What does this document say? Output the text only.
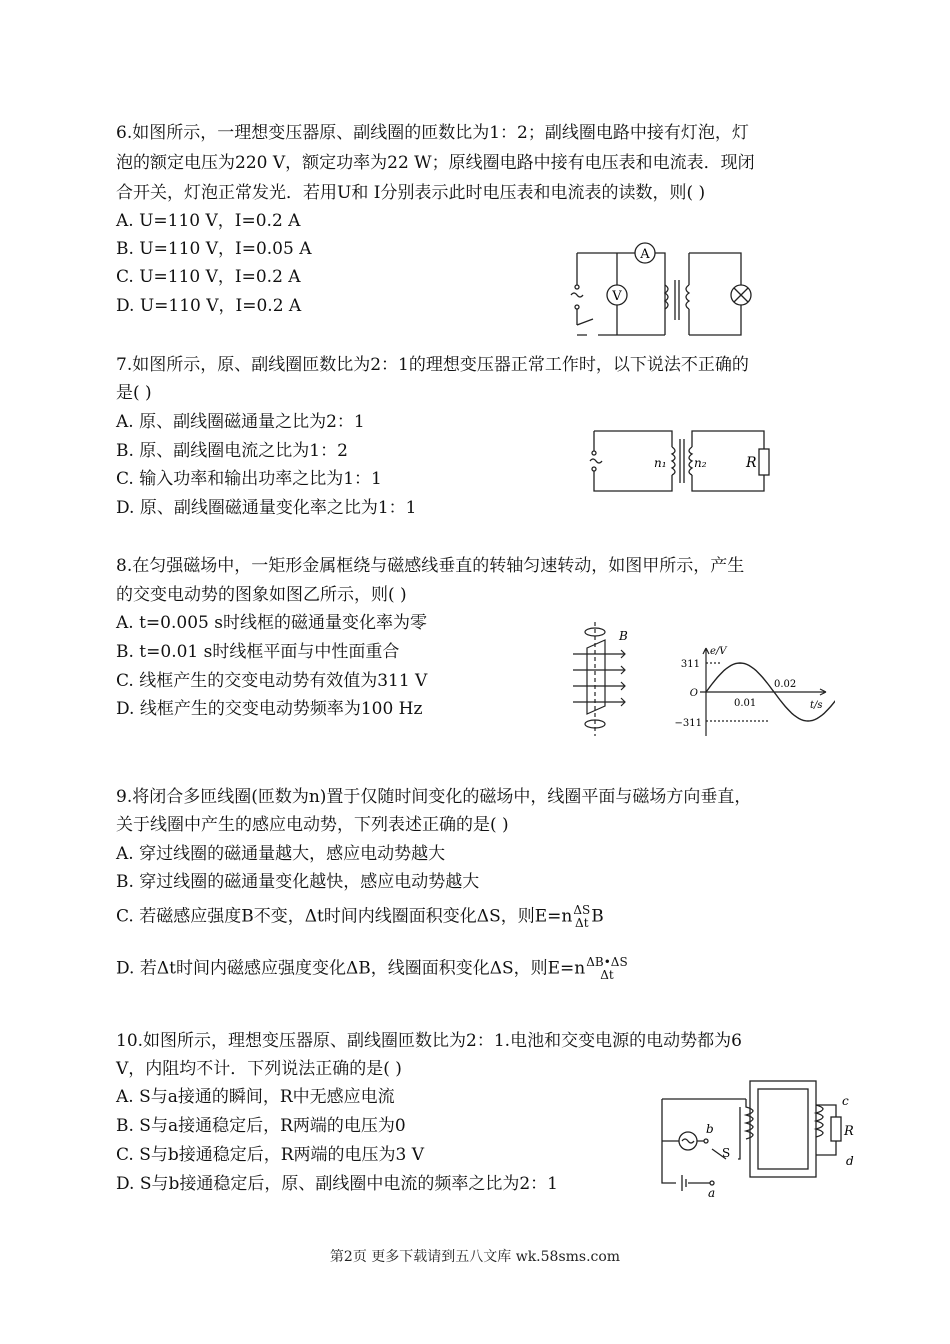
6.如图所示，一理想变压器原、副线圈的匝数比为1：2；副线圈电路中接有灯泡，灯
泡的额定电压为220 V，额定功率为22 W；原线圈电路中接有电压表和电流表．现闭
合开关，灯泡正常发光．若用U和 I分别表示此时电压表和电流表的读数，则( )
A. U=110 V，I=0.2 A
B. U=110 V，I=0.05 A
C. U=110 V，I=0.2 A
D. U=110 V，I=0.2 A
A
V
7.如图所示，原、副线圈匝数比为2：1的理想变压器正常工作时，以下说法不正确的
是( )
A. 原、副线圈磁通量之比为2：1
B. 原、副线圈电流之比为1：2
C. 输入功率和输出功率之比为1：1
D. 原、副线圈磁通量变化率之比为1：1
n₁ n₂	R
8.在匀强磁场中，一矩形金属框绕与磁感线垂直的转轴匀速转动，如图甲所示，产生
的交变电动势的图象如图乙所示，则( )
A. t=0.005 s时线框的磁通量变化率为零
B. t=0.01 s时线框平面与中性面重合
C. 线框产生的交变电动势有效值为311 V
D. 线框产生的交变电动势频率为100 Hz
B
e/V
t/s
311
O
−311
0.01
0.02
9.将闭合多匝线圈(匝数为n)置于仅随时间变化的磁场中，线圈平面与磁场方向垂直，
关于线圈中产生的感应电动势，下列表述正确的是( )
A. 穿过线圈的磁通量越大，感应电动势越大
B. 穿过线圈的磁通量变化越快，感应电动势越大
C. 若磁感应强度B不变，Δt时间内线圈面积变化ΔS，则E=n ΔS
Δt B
D. 若Δt时间内磁感应强度变化ΔB，线圈面积变化ΔS，则E=n ΔB•ΔS
Δt
10.如图所示，理想变压器原、副线圈匝数比为2：1.电池和交变电源的电动势都为6
V，内阻均不计．下列说法正确的是( )
A. S与a接通的瞬间，R中无感应电流
B. S与a接通稳定后，R两端的电压为0
C. S与b接通稳定后，R两端的电压为3 V
D. S与b接通稳定后，原、副线圈中电流的频率之比为2：1
b
S
a
c
R
d
第2页 更多下载请到五八文库 wk.58sms.com
